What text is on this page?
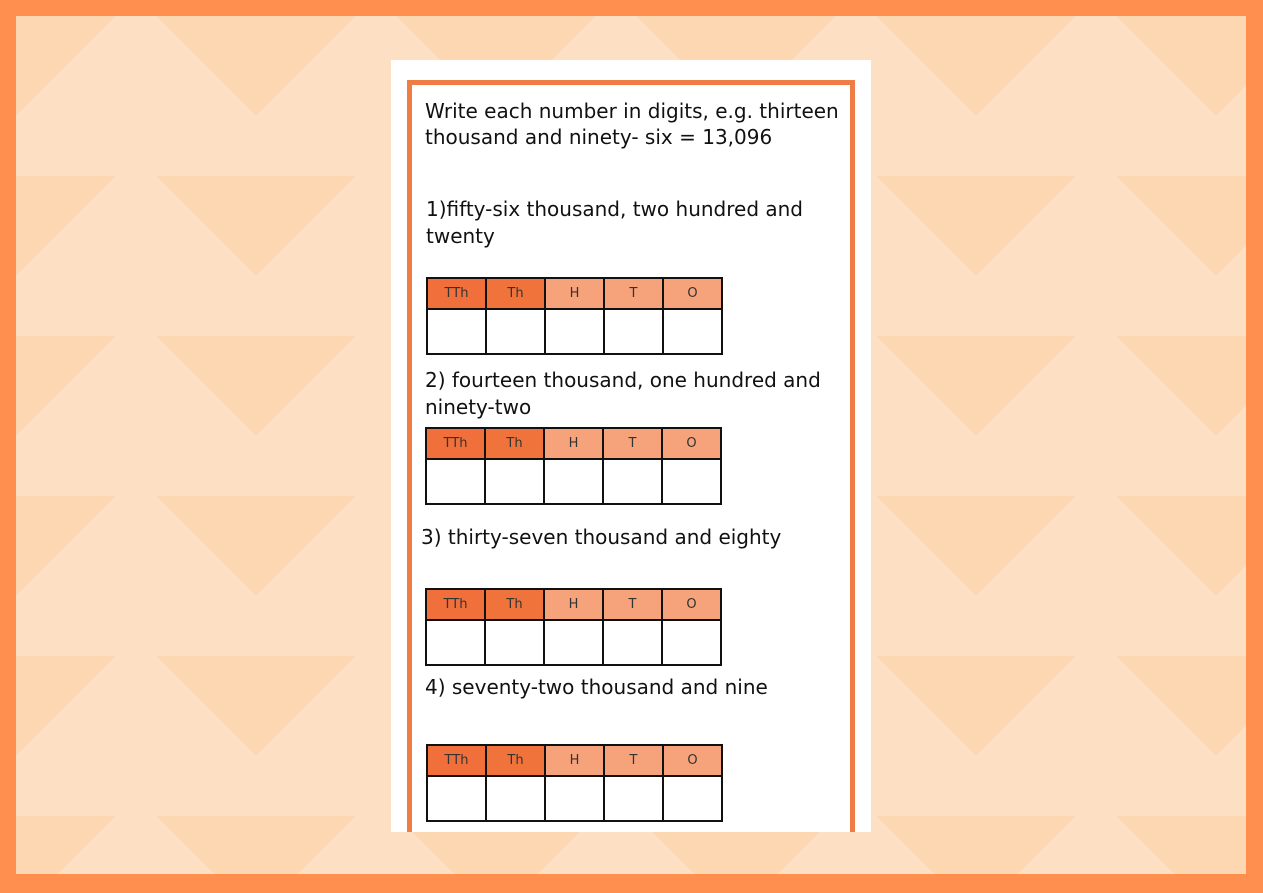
Write each number in digits, e.g. thirteen thousand and ninety- six = 13,096

1)fifty-six thousand, two hundred and twenty

TTh	Th	H	T	O

2) fourteen thousand, one hundred and ninety-two

TTh	Th	H	T	O

3) thirty-seven thousand and eighty

TTh	Th	H	T	O

4) seventy-two thousand and nine

TTh	Th	H	T	O
